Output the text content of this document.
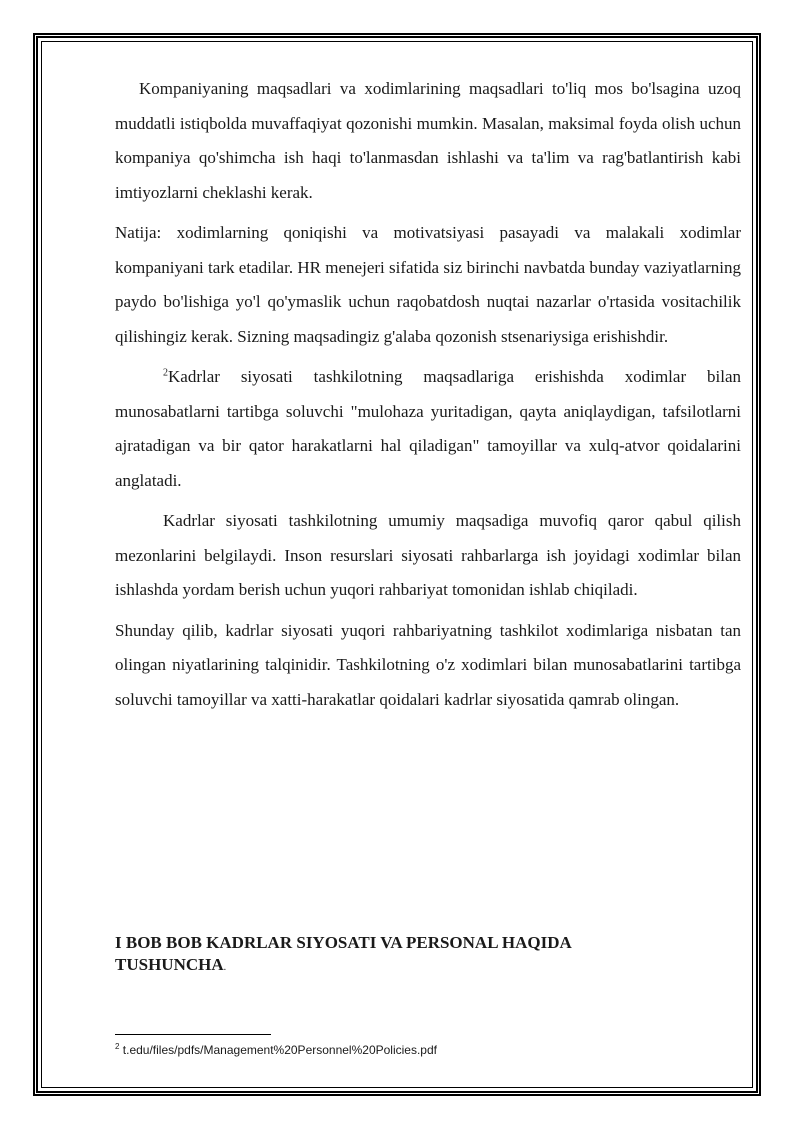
Kompaniyaning maqsadlari va xodimlarining maqsadlari to'liq mos bo'lsagina uzoq muddatli istiqbolda muvaffaqiyat qozonishi mumkin. Masalan, maksimal foyda olish uchun kompaniya qo'shimcha ish haqi to'lanmasdan ishlashi va ta'lim va rag'batlantirish kabi imtiyozlarni cheklashi kerak.

Natija: xodimlarning qoniqishi va motivatsiyasi pasayadi va malakali xodimlar kompaniyani tark etadilar. HR menejeri sifatida siz birinchi navbatda bunday vaziyatlarning paydo bo'lishiga yo'l qo'ymaslik uchun raqobatdosh nuqtai nazarlar o'rtasida vositachilik qilishingiz kerak. Sizning maqsadingiz g'alaba qozonish stsenariysiga erishishdir.

$^2$Kadrlar siyosati tashkilotning maqsadlariga erishishda xodimlar bilan munosabatlarni tartibga soluvchi "mulohaza yuritadigan, qayta aniqlaydigan, tafsilotlarni ajratadigan va bir qator harakatlarni hal qiladigan" tamoyillar va xulq-atvor qoidalarini anglatadi.

Kadrlar siyosati tashkilotning umumiy maqsadiga muvofiq qaror qabul qilish mezonlarini belgilaydi. Inson resurslari siyosati rahbarlarga ish joyidagi xodimlar bilan ishlashda yordam berish uchun yuqori rahbariyat tomonidan ishlab chiqiladi.

Shunday qilib, kadrlar siyosati yuqori rahbariyatning tashkilot xodimlariga nisbatan tan olingan niyatlarining talqinidir. Tashkilotning o'z xodimlari bilan munosabatlarini tartibga soluvchi tamoyillar va xatti-harakatlar qoidalari kadrlar siyosatida qamrab olingan.

I BOB BOB KADRLAR SIYOSATI VA PERSONAL HAQIDA TUSHUNCHA.

$^2$ t.edu/files/pdfs/Management%20Personnel%20Policies.pdf
